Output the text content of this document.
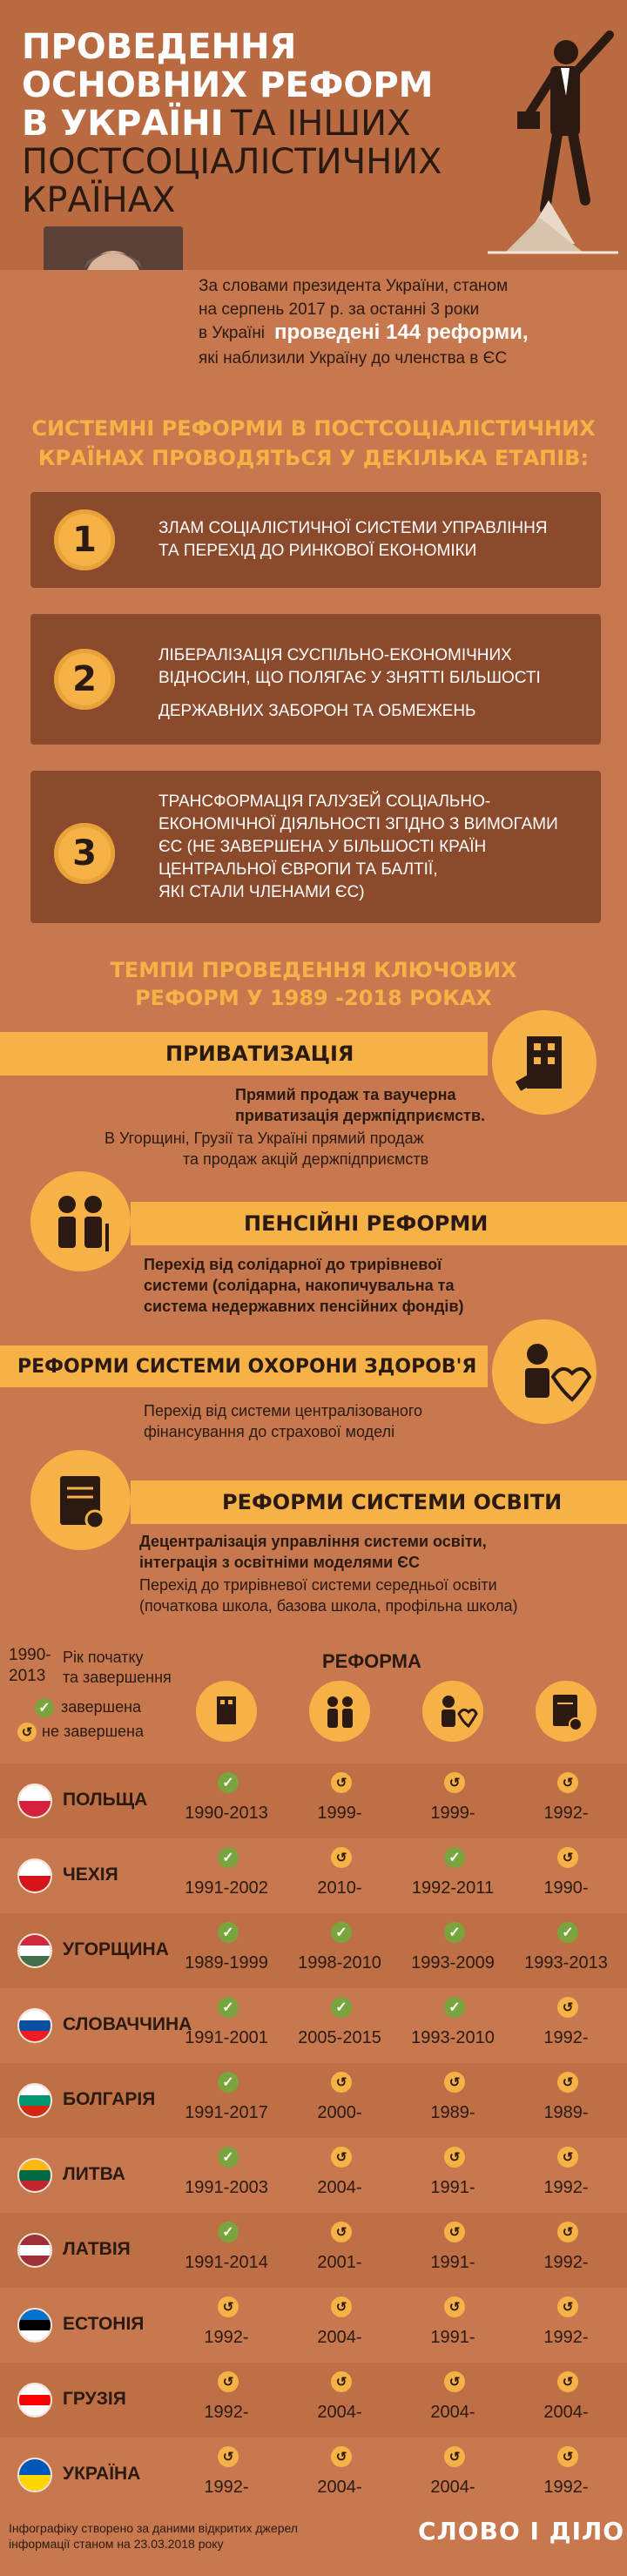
ПРОВЕДЕННЯ
ОСНОВНИХ РЕФОРМ
В УКРАЇНІ ТА ІНШИХ
ПОСТСОЦІАЛІСТИЧНИХ
КРАЇНАХ
За словами президента України, станом
на серпень 2017 р. за останні 3 роки
в Україні проведені 144 реформи,
які наблизили Україну до членства в ЄС
СИСТЕМНІ РЕФОРМИ В ПОСТСОЦІАЛІСТИЧНИХ
КРАЇНАХ ПРОВОДЯТЬСЯ У ДЕКІЛЬКА ЕТАПІВ:
1	ЗЛАМ СОЦІАЛІСТИЧНОЇ СИСТЕМИ УПРАВЛІННЯ
ТА ПЕРЕХІД ДО РИНКОВОЇ ЕКОНОМІКИ
2
ЛІБЕРАЛІЗАЦІЯ СУСПІЛЬНО-ЕКОНОМІЧНИХ
ВІДНОСИН, ЩО ПОЛЯГАЄ У ЗНЯТТІ БІЛЬШОСТІ
ДЕРЖАВНИХ ЗАБОРОН ТА ОБМЕЖЕНЬ
3
ТРАНСФОРМАЦІЯ ГАЛУЗЕЙ СОЦІАЛЬНО-
ЕКОНОМІЧНОЇ ДІЯЛЬНОСТІ ЗГІДНО З ВИМОГАМИ
ЄС (НЕ ЗАВЕРШЕНА У БІЛЬШОСТІ КРАЇН
ЦЕНТРАЛЬНОЇ ЄВРОПИ ТА БАЛТІЇ,
ЯКІ СТАЛИ ЧЛЕНАМИ ЄС)
ТЕМПИ ПРОВЕДЕННЯ КЛЮЧОВИХ
РЕФОРМ У 1989 -2018 РОКАХ
ПРИВАТИЗАЦІЯ
Прямий продаж та ваучерна
приватизація держпідприємств.
В Угорщині, Грузії та Україні прямий продаж
та продаж акцій держпідприємств
ПЕНСІЙНІ РЕФОРМИ
Перехід від солідарної до трирівневої
системи (солідарна, накопичувальна та
система недержавних пенсійних фондів)
РЕФОРМИ СИСТЕМИ ОХОРОНИ ЗДОРОВ'Я
Перехід від системи централізованого
фінансування до страхової моделі
РЕФОРМИ СИСТЕМИ ОСВІТИ
Децентралізація управління системи освіти,
інтеграція з освітніми моделями ЄС
Перехід до трирівневої системи середньої освіти
(початкова школа, базова школа, профільна школа)
1990-
2013
Рік початку
та завершення
✓ завершена
↺ не завершена
РЕФОРМА
ПОЛЬЩА
✓
1990-2013
↺
1999-
↺
1999-
↺
1992-
ЧЕХІЯ
✓
1991-2002
↺
2010-
✓
1992-2011
↺
1990-
УГОРЩИНА
✓
1989-1999
✓
1998-2010
✓
1993-2009
✓
1993-2013
СЛОВАЧЧИНА
✓
1991-2001
✓
2005-2015
✓
1993-2010
↺
1992-
БОЛГАРІЯ
✓
1991-2017
↺
2000-
↺
1989-
↺
1989-
ЛИТВА
✓
1991-2003
↺
2004-
↺
1991-
↺
1992-
ЛАТВІЯ
✓
1991-2014
↺
2001-
↺
1991-
↺
1992-
ЕСТОНІЯ
↺
1992-
↺
2004-
↺
1991-
↺
1992-
ГРУЗІЯ
↺
1992-
↺
2004-
↺
2004-
↺
2004-
УКРАЇНА
↺
1992-
↺
2004-
↺
2004-
↺
1992-
Інфографіку створено за даними відкритих джерел
інформації станом на 23.03.2018 року	СЛОВО І ДІЛО
